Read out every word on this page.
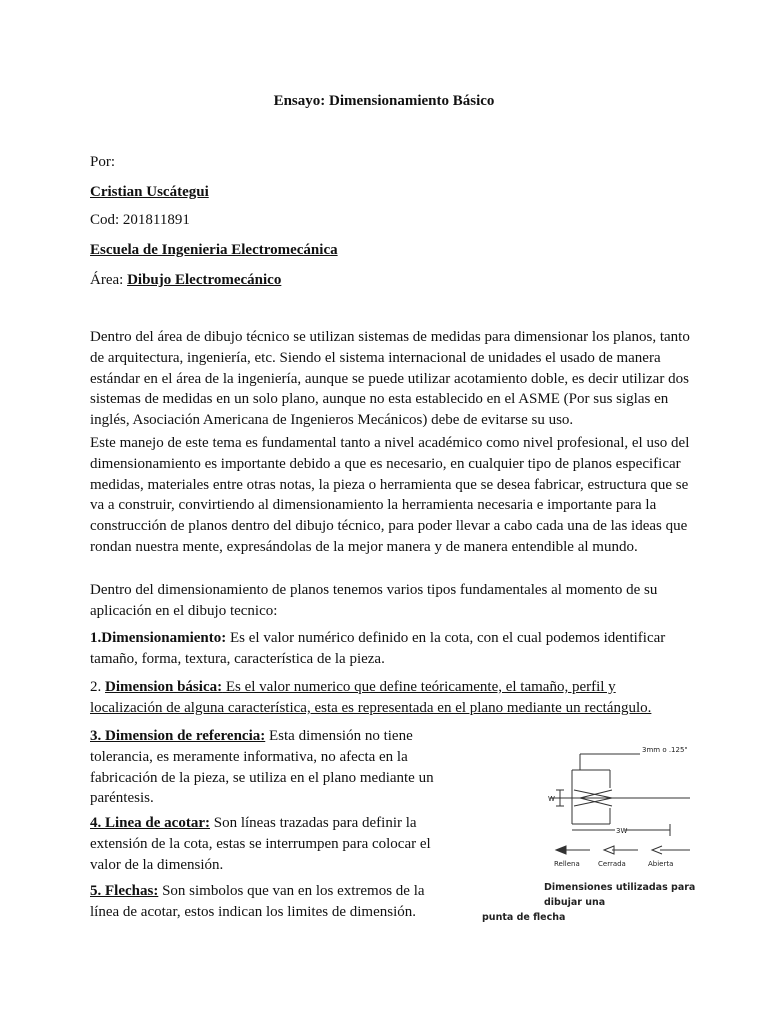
Ensayo: Dimensionamiento Básico
Por:
Cristian Uscátegui
Cod: 201811891
Escuela de Ingenieria Electromecánica
Área: Dibujo Electromecánico
Dentro del área de dibujo técnico se utilizan sistemas de medidas para dimensionar los planos, tanto de arquitectura, ingeniería, etc. Siendo el sistema internacional de unidades el usado de manera estándar en el área de la ingeniería, aunque se puede utilizar acotamiento doble, es decir utilizar dos sistemas de medidas en un solo plano, aunque no esta establecido en el ASME (Por sus siglas en inglés, Asociación Americana de Ingenieros Mecánicos) debe de evitarse su uso.
Este manejo de este tema es fundamental tanto a nivel académico como nivel profesional, el uso del dimensionamiento es importante debido a que es necesario, en cualquier tipo de planos especificar medidas, materiales entre otras notas, la pieza o herramienta que se desea fabricar, estructura que se va a construir, convirtiendo al dimensionamiento la herramienta necesaria e importante para la construcción de planos dentro del dibujo técnico, para poder llevar a cabo cada una de las ideas que rondan nuestra mente, expresándolas de la mejor manera y de manera entendible al mundo.
Dentro del dimensionamiento de planos tenemos varios tipos fundamentales al momento de su aplicación en el dibujo tecnico:
1.Dimensionamiento: Es el valor numérico definido en la cota, con el cual podemos identificar tamaño, forma, textura, característica de la pieza.
2. Dimension básica: Es el valor numerico que define teóricamente, el tamaño, perfil y localización de alguna característica, esta es representada en el plano mediante un rectángulo.
3. Dimension de referencia: Esta dimensión no tiene tolerancia, es meramente informativa, no afecta en la fabricación de la pieza, se utiliza en el plano mediante un paréntesis.
4. Linea de acotar: Son líneas trazadas para definir la extensión de la cota, estas se interrumpen para colocar el valor de la dimensión.
5. Flechas: Son simbolos que van en los extremos de la línea de acotar, estos indican los limites de dimensión.
3mm o .125"
W
3W
Rellena	Cerrada	Abierta
Dimensiones utilizadas para dibujar una
punta de flecha
